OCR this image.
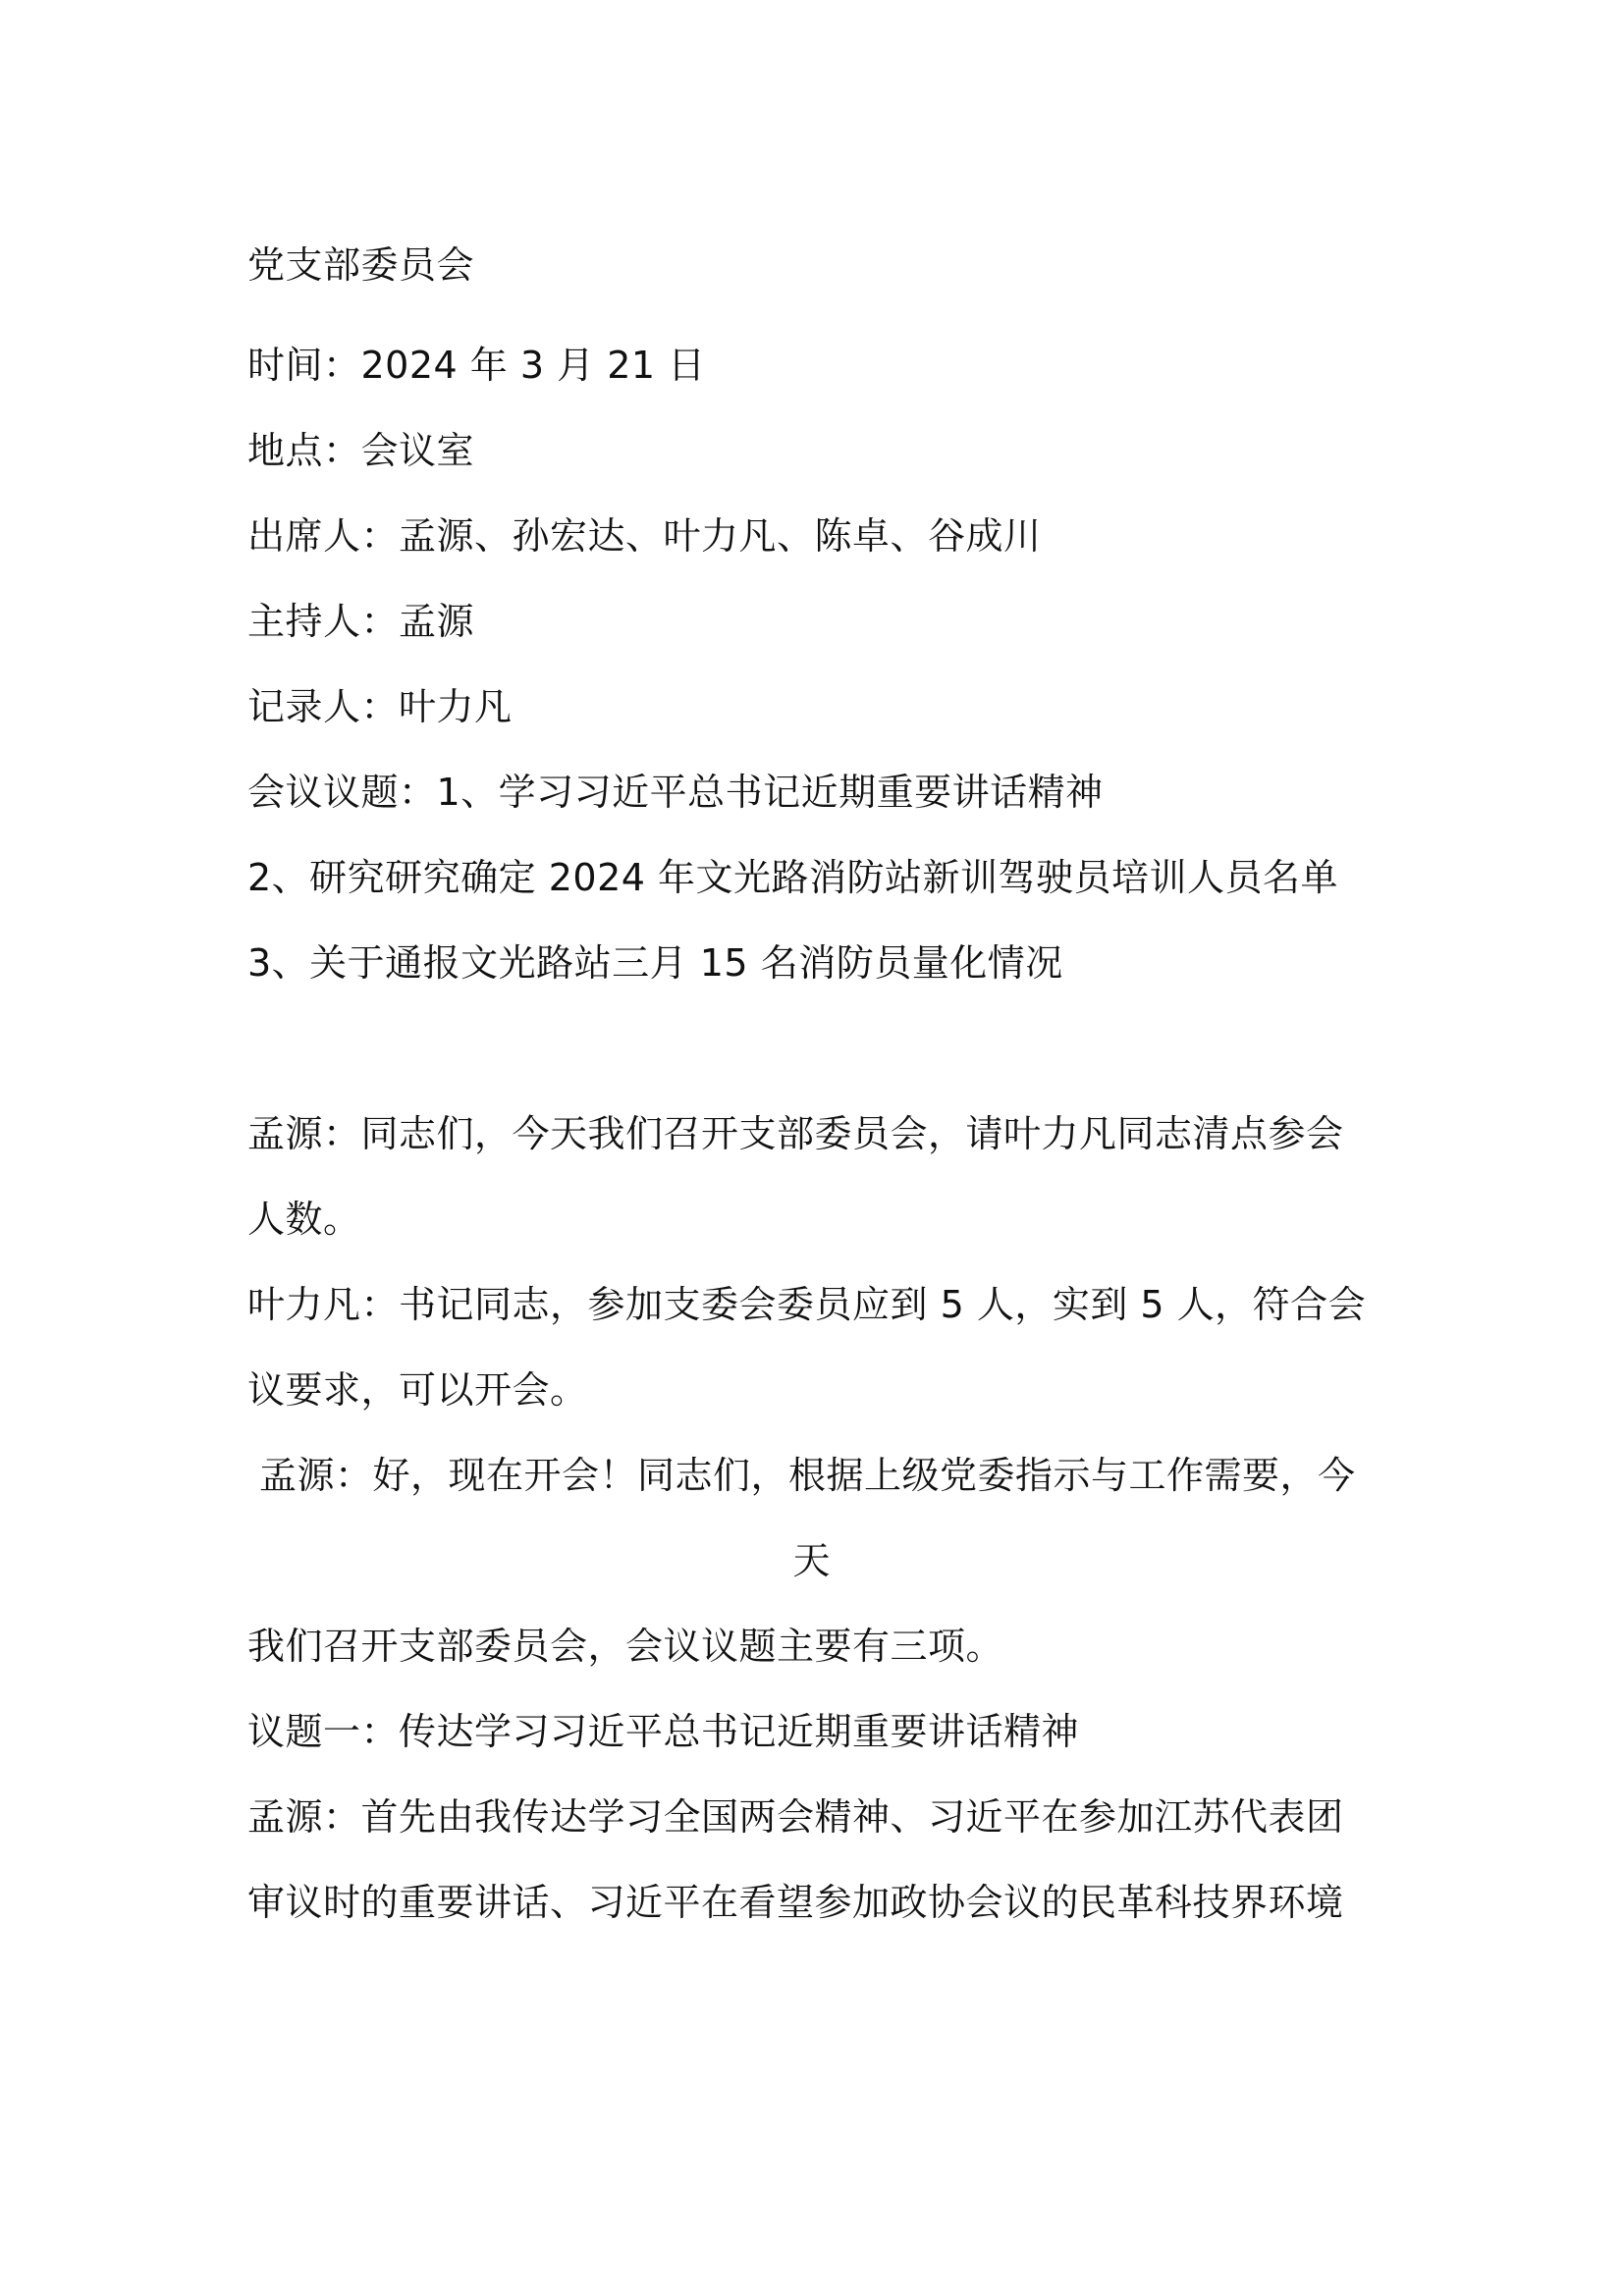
党支部委员会
时间：2024 年 3 月 21 日
地点：会议室
出席人：孟源、孙宏达、叶力凡、陈卓、谷成川
主持人：孟源
记录人：叶力凡
会议议题：1、学习习近平总书记近期重要讲话精神
2、研究研究确定 2024 年文光路消防站新训驾驶员培训人员名单
3、关于通报文光路站三月 15 名消防员量化情况
孟源：同志们，今天我们召开支部委员会，请叶力凡同志清点参会
人数。
叶力凡：书记同志，参加支委会委员应到 5 人，实到 5 人，符合会
议要求，可以开会。
孟源：好，现在开会！同志们，根据上级党委指示与工作需要，今
天
我们召开支部委员会，会议议题主要有三项。
议题一：传达学习习近平总书记近期重要讲话精神
孟源：首先由我传达学习全国两会精神、习近平在参加江苏代表团
审议时的重要讲话、习近平在看望参加政协会议的民革科技界环境
